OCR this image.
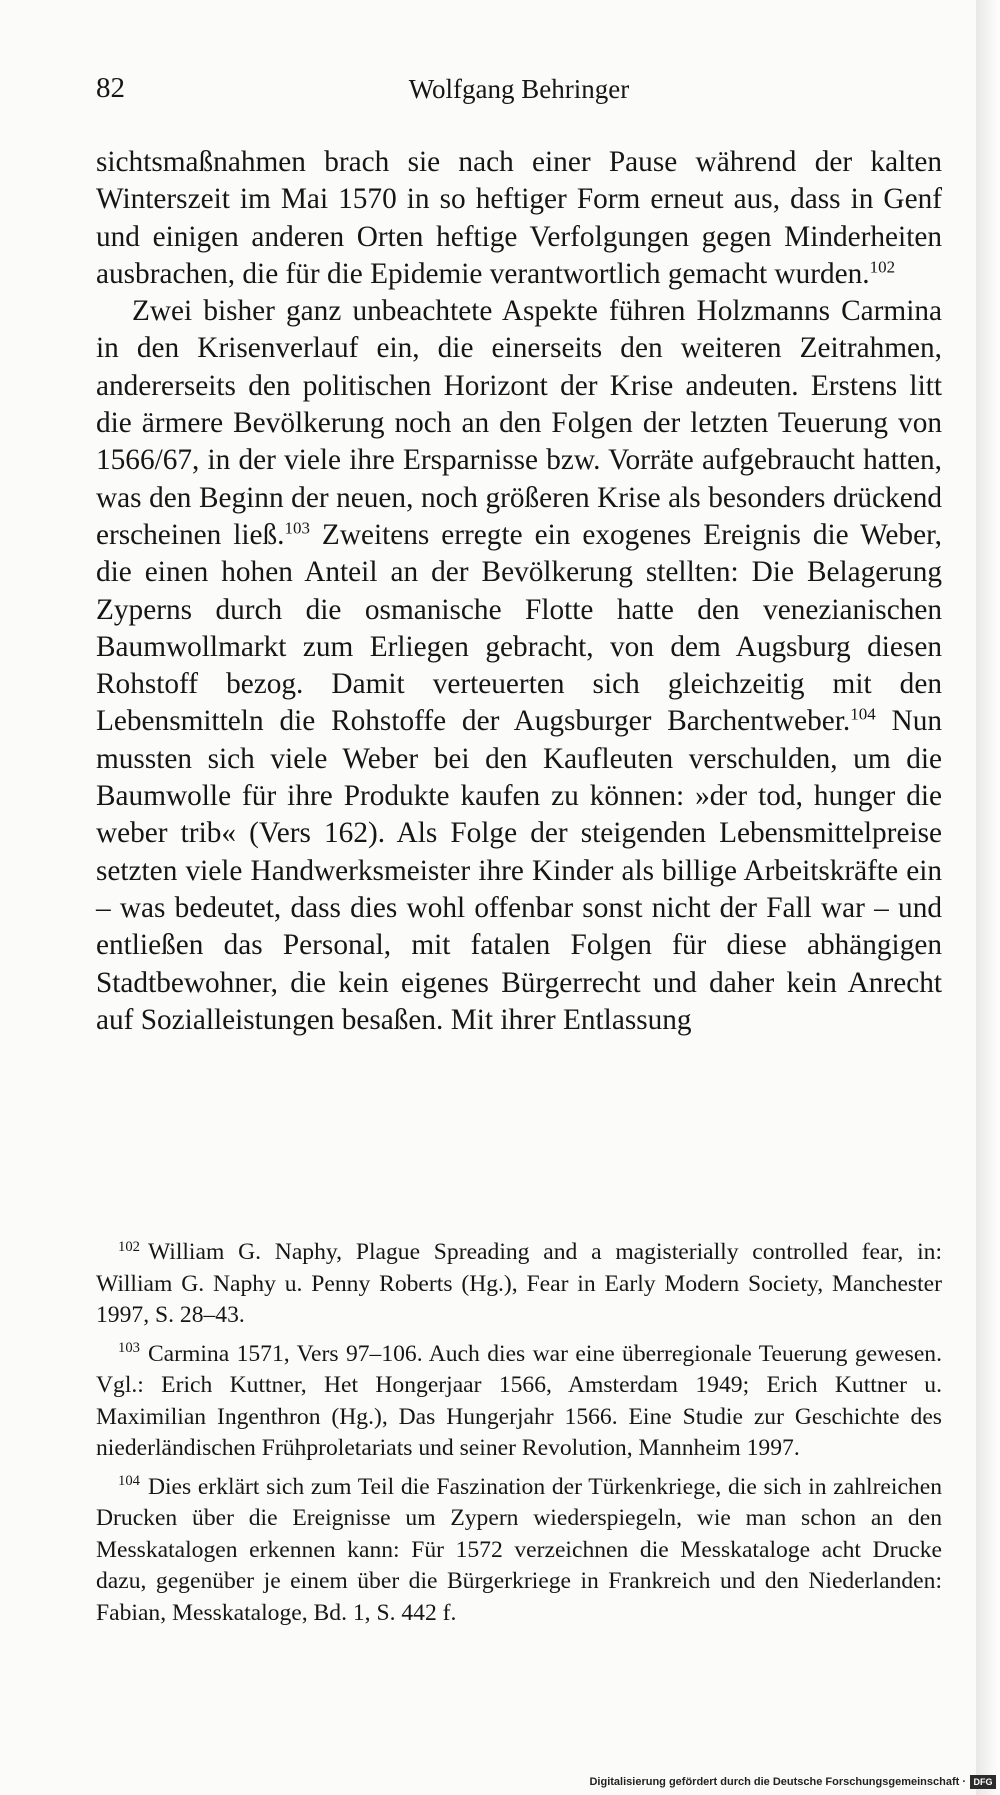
82	Wolfgang Behringer

sichtsmaßnahmen brach sie nach einer Pause während der kalten Winterszeit im Mai 1570 in so heftiger Form erneut aus, dass in Genf und einigen anderen Orten heftige Verfolgungen gegen Minderheiten ausbrachen, die für die Epidemie verantwortlich gemacht wurden.$^{102}$

Zwei bisher ganz unbeachtete Aspekte führen Holzmanns Carmina in den Krisenverlauf ein, die einerseits den weiteren Zeitrahmen, andererseits den politischen Horizont der Krise andeuten. Erstens litt die ärmere Bevölkerung noch an den Folgen der letzten Teuerung von 1566/67, in der viele ihre Ersparnisse bzw. Vorräte aufgebraucht hatten, was den Beginn der neuen, noch größeren Krise als besonders drückend erscheinen ließ.$^{103}$ Zweitens erregte ein exogenes Ereignis die Weber, die einen hohen Anteil an der Bevölkerung stellten: Die Belagerung Zyperns durch die osmanische Flotte hatte den venezianischen Baumwollmarkt zum Erliegen gebracht, von dem Augsburg diesen Rohstoff bezog. Damit verteuerten sich gleichzeitig mit den Lebensmitteln die Rohstoffe der Augsburger Barchentweber.$^{104}$ Nun mussten sich viele Weber bei den Kaufleuten verschulden, um die Baumwolle für ihre Produkte kaufen zu können: »der tod, hunger die weber trib« (Vers 162). Als Folge der steigenden Lebensmittelpreise setzten viele Handwerksmeister ihre Kinder als billige Arbeitskräfte ein – was bedeutet, dass dies wohl offenbar sonst nicht der Fall war – und entließen das Personal, mit fatalen Folgen für diese abhängigen Stadtbewohner, die kein eigenes Bürgerrecht und daher kein Anrecht auf Sozialleistungen besaßen. Mit ihrer Entlassung

$^{102}$ William G. Naphy, Plague Spreading and a magisterially controlled fear, in: William G. Naphy u. Penny Roberts (Hg.), Fear in Early Modern Society, Manchester 1997, S. 28–43.

$^{103}$ Carmina 1571, Vers 97–106. Auch dies war eine überregionale Teuerung gewesen. Vgl.: Erich Kuttner, Het Hongerjaar 1566, Amsterdam 1949; Erich Kuttner u. Maximilian Ingenthron (Hg.), Das Hungerjahr 1566. Eine Studie zur Geschichte des niederländischen Frühproletariats und seiner Revolution, Mannheim 1997.

$^{104}$ Dies erklärt sich zum Teil die Faszination der Türkenkriege, die sich in zahlreichen Drucken über die Ereignisse um Zypern wiederspiegeln, wie man schon an den Messkatalogen erkennen kann: Für 1572 verzeichnen die Messkataloge acht Drucke dazu, gegenüber je einem über die Bürgerkriege in Frankreich und den Niederlanden: Fabian, Messkataloge, Bd. 1, S. 442 f.

Digitalisierung gefördert durch die Deutsche Forschungsgemeinschaft · DFG
